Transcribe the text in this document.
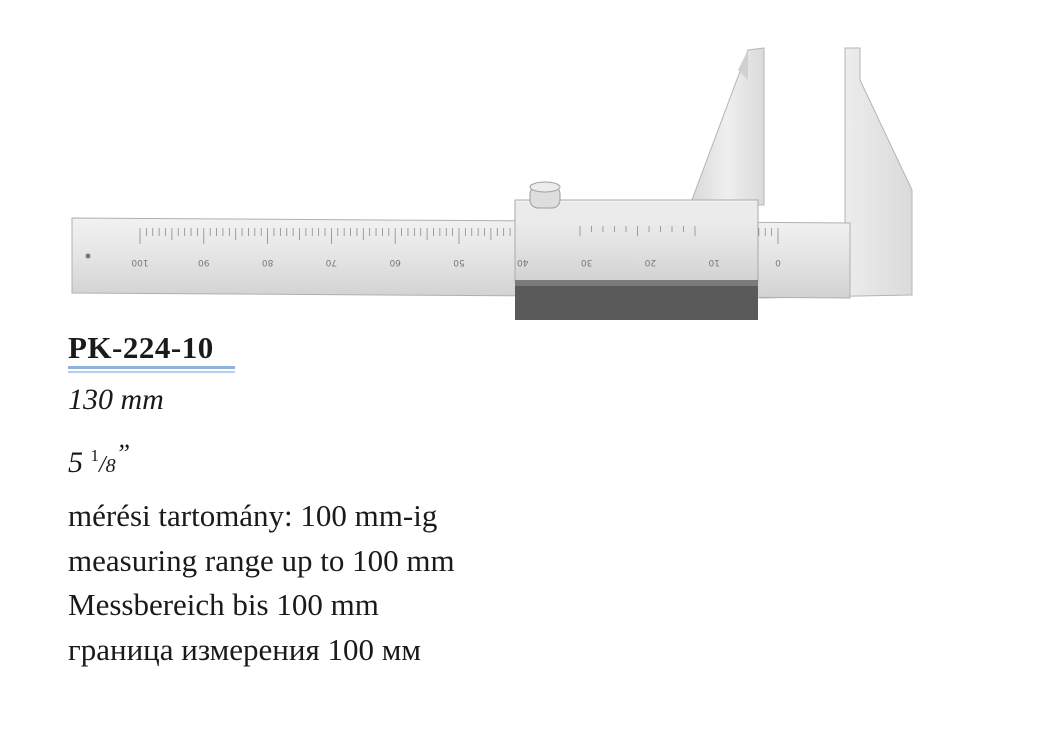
100	90	80	70	60	50	40	30	20	10	0
PK-224-10
130 mm
5 $^1$/8”
mérési tartomány: 100 mm-ig
measuring range up to 100 mm
Messbereich bis 100 mm
граница измерения 100 мм
